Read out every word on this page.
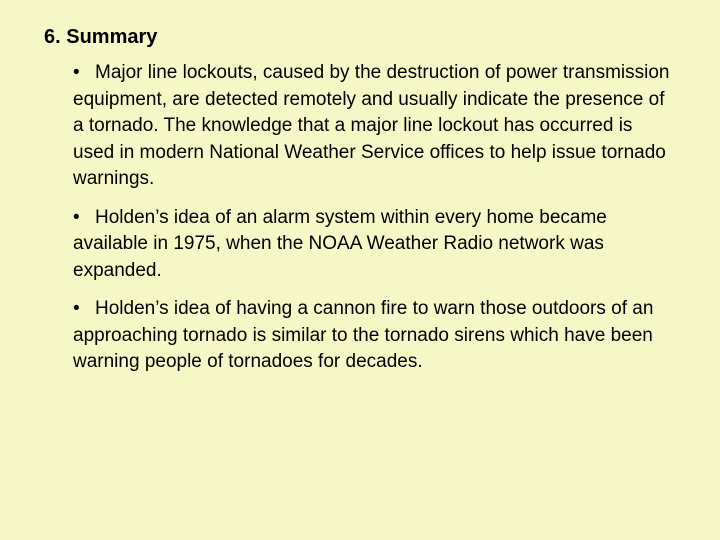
6. Summary
• Major line lockouts, caused by the destruction of power transmission equipment, are detected remotely and usually indicate the presence of a tornado. The knowledge that a major line lockout has occurred is used in modern National Weather Service offices to help issue tornado warnings.
• Holden’s idea of an alarm system within every home became available in 1975, when the NOAA Weather Radio network was expanded.
• Holden’s idea of having a cannon fire to warn those outdoors of an approaching tornado is similar to the tornado sirens which have been warning people of tornadoes for decades.
